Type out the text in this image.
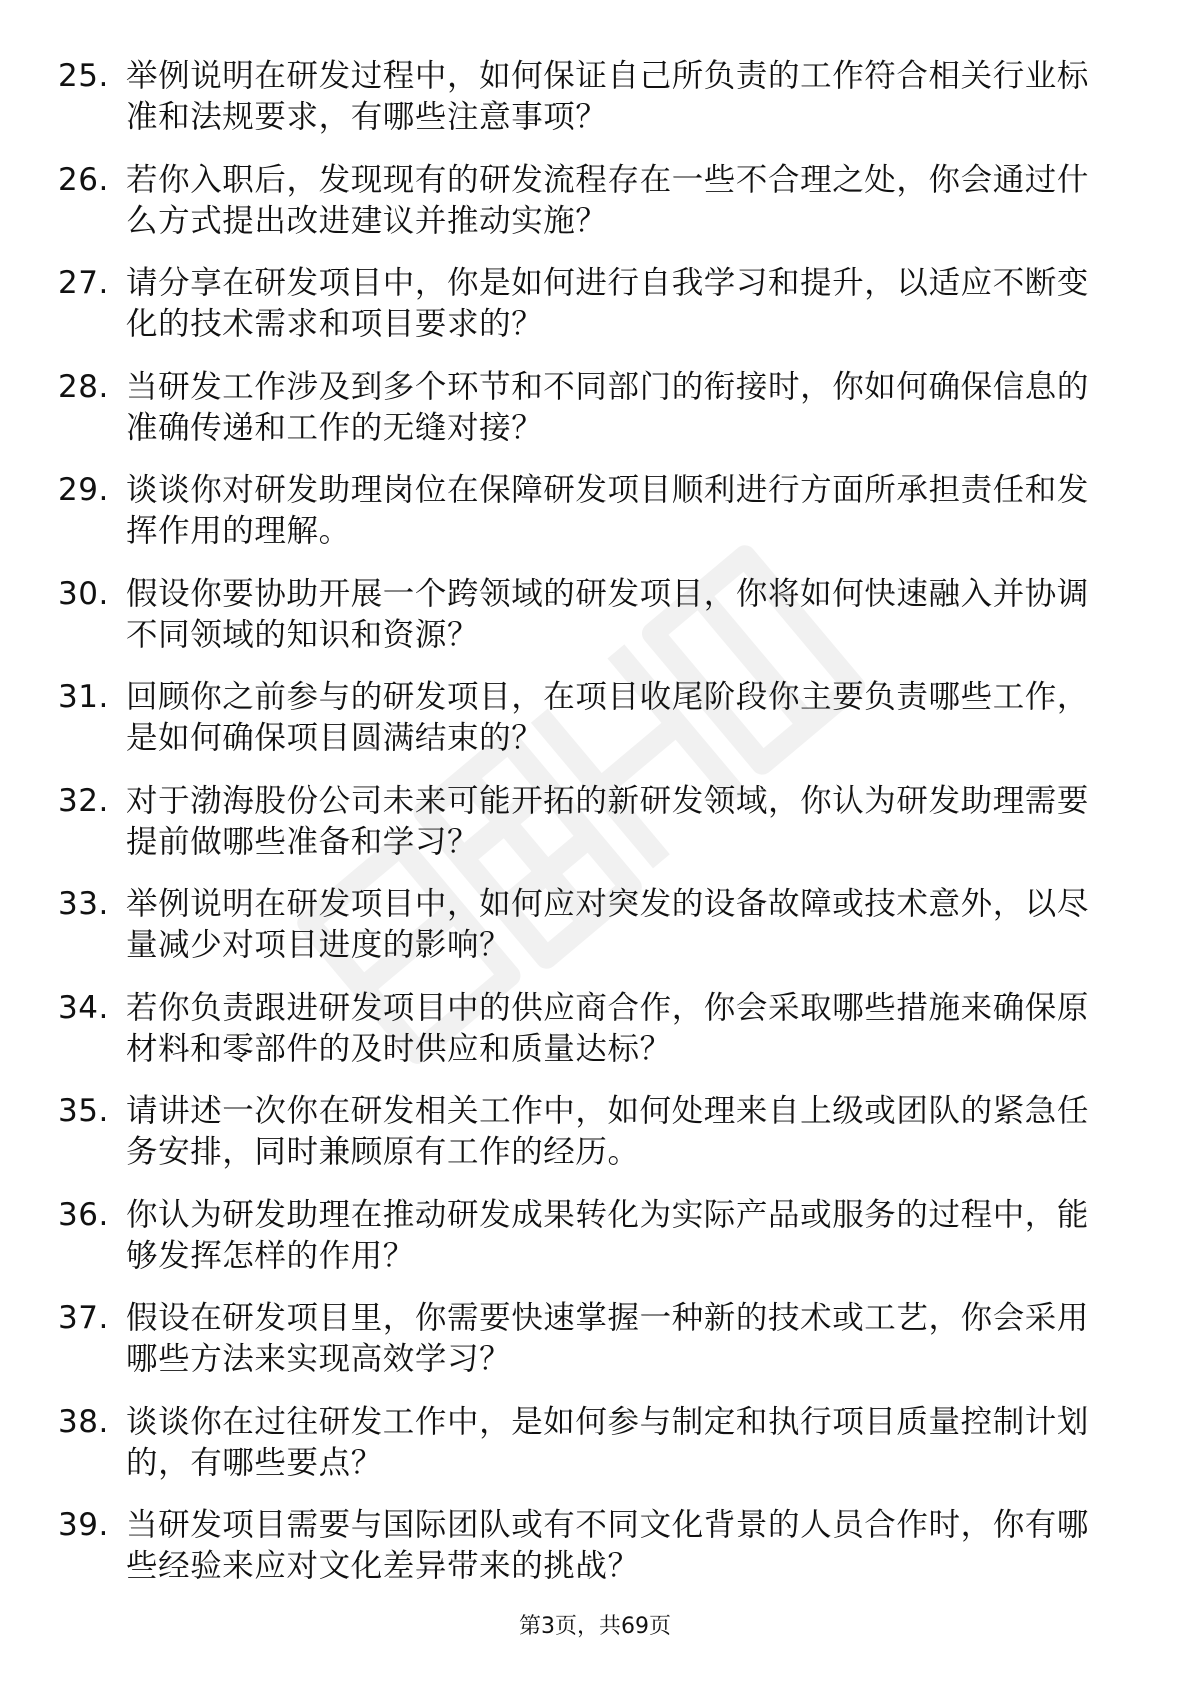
25. 举例说明在研发过程中，如何保证自己所负责的工作符合相关行业标准和法规要求，有哪些注意事项？
26. 若你入职后，发现现有的研发流程存在一些不合理之处，你会通过什么方式提出改进建议并推动实施？
27. 请分享在研发项目中，你是如何进行自我学习和提升，以适应不断变化的技术需求和项目要求的？
28. 当研发工作涉及到多个环节和不同部门的衔接时，你如何确保信息的准确传递和工作的无缝对接？
29. 谈谈你对研发助理岗位在保障研发项目顺利进行方面所承担责任和发挥作用的理解。
30. 假设你要协助开展一个跨领域的研发项目，你将如何快速融入并协调不同领域的知识和资源？
31. 回顾你之前参与的研发项目，在项目收尾阶段你主要负责哪些工作，是如何确保项目圆满结束的？
32. 对于渤海股份公司未来可能开拓的新研发领域，你认为研发助理需要提前做哪些准备和学习？
33. 举例说明在研发项目中，如何应对突发的设备故障或技术意外，以尽量减少对项目进度的影响？
34. 若你负责跟进研发项目中的供应商合作，你会采取哪些措施来确保原材料和零部件的及时供应和质量达标？
35. 请讲述一次你在研发相关工作中，如何处理来自上级或团队的紧急任务安排，同时兼顾原有工作的经历。
36. 你认为研发助理在推动研发成果转化为实际产品或服务的过程中，能够发挥怎样的作用？
37. 假设在研发项目里，你需要快速掌握一种新的技术或工艺，你会采用哪些方法来实现高效学习？
38. 谈谈你在过往研发工作中，是如何参与制定和执行项目质量控制计划的，有哪些要点？
39. 当研发项目需要与国际团队或有不同文化背景的人员合作时，你有哪些经验来应对文化差异带来的挑战？
第3页，共69页
